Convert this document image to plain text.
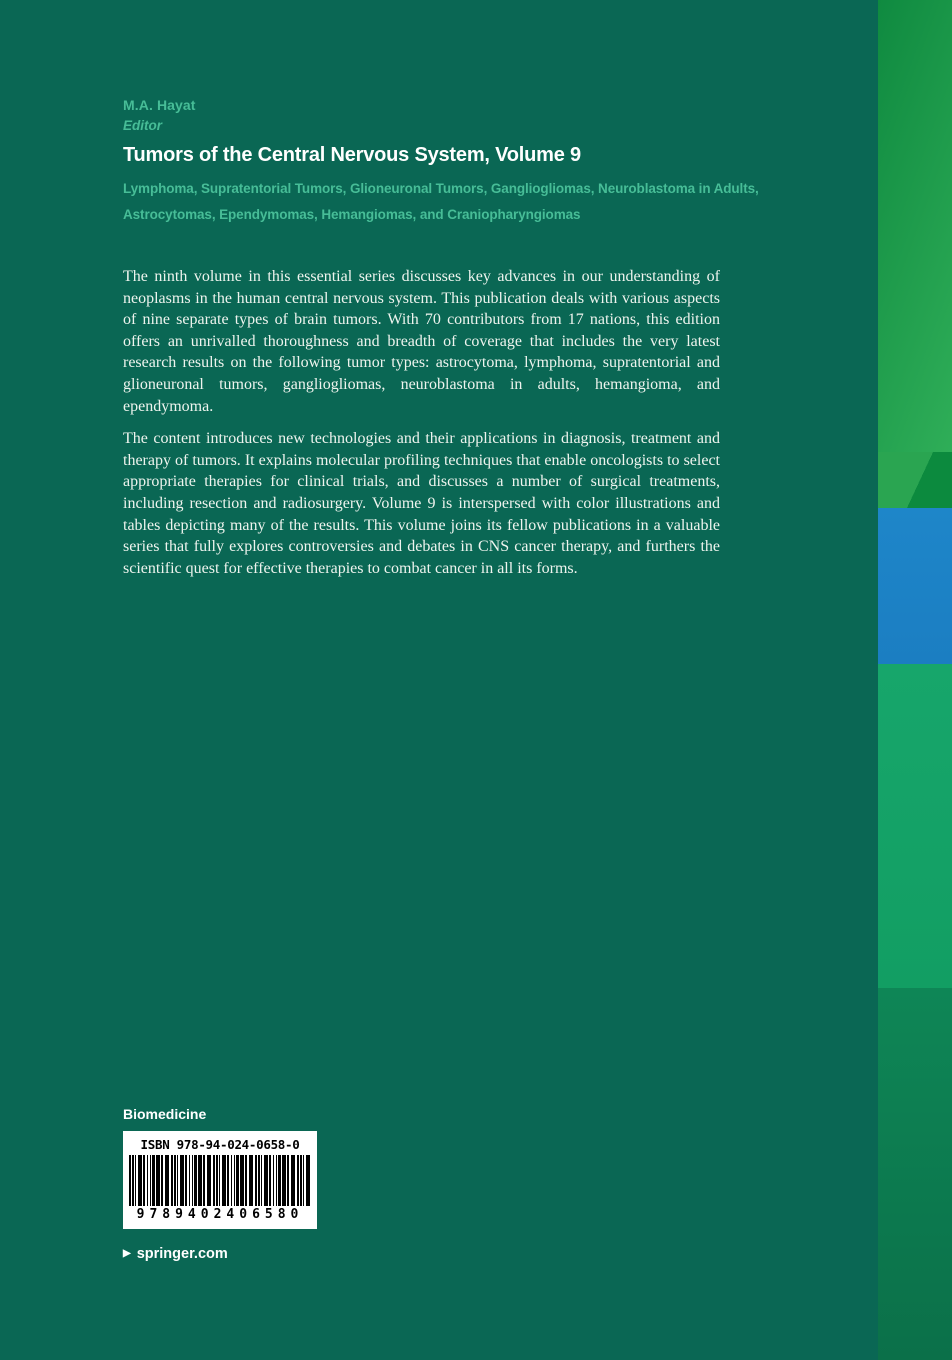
M.A. Hayat
Editor
Tumors of the Central Nervous System, Volume 9
Lymphoma, Supratentorial Tumors, Glioneuronal Tumors, Gangliogliomas, Neuroblastoma in Adults,
Astrocytomas, Ependymomas, Hemangiomas, and Craniopharyngiomas

The ninth volume in this essential series discusses key advances in our understanding of neoplasms in the human central nervous system. This publication deals with various aspects of nine separate types of brain tumors. With 70 contributors from 17 nations, this edition offers an unrivalled thoroughness and breadth of coverage that includes the very latest research results on the following tumor types: astrocytoma, lymphoma, supratentorial and glioneuronal tumors, gangliogliomas, neuroblastoma in adults, hemangioma, and ependymoma.

The content introduces new technologies and their applications in diagnosis, treatment and therapy of tumors. It explains molecular profiling techniques that enable oncologists to select appropriate therapies for clinical trials, and discusses a number of surgical treatments, including resection and radiosurgery. Volume 9 is interspersed with color illustrations and tables depicting many of the results. This volume joins its fellow publications in a valuable series that fully explores controversies and debates in CNS cancer therapy, and furthers the scientific quest for effective therapies to combat cancer in all its forms.

Biomedicine
ISBN 978-94-024-0658-0
9789402406580
▶ springer.com
